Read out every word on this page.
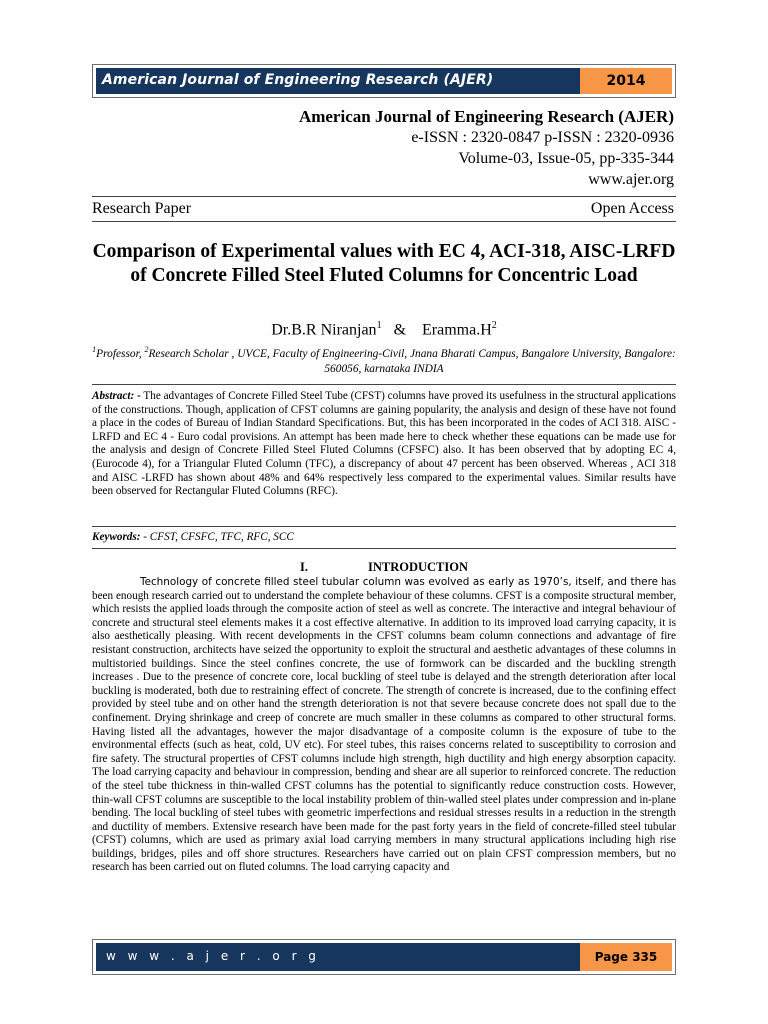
American Journal of Engineering Research (AJER)	2014
American Journal of Engineering Research (AJER)
e-ISSN : 2320-0847 p-ISSN : 2320-0936
Volume-03, Issue-05, pp-335-344
www.ajer.org
Research Paper	Open Access
Comparison of Experimental values with EC 4, ACI-318, AISC-LRFD of Concrete Filled Steel Fluted Columns for Concentric Load
Dr.B.R Niranjan$^1$ & $Eramma.H^2$
$^1$Professor, $^2$Research Scholar , UVCE, Faculty of Engineering-Civil, Jnana Bharati Campus, Bangalore University, Bangalore: 560056, karnataka INDIA
Abstract: - The advantages of Concrete Filled Steel Tube (CFST) columns have proved its usefulness in the structural applications of the constructions. Though, application of CFST columns are gaining popularity, the analysis and design of these have not found a place in the codes of Bureau of Indian Standard Specifications. But, this has been incorporated in the codes of ACI 318. AISC - LRFD and EC 4 - Euro codal provisions. An attempt has been made here to check whether these equations can be made use for the analysis and design of Concrete Filled Steel Fluted Columns (CFSFC) also. It has been observed that by adopting EC 4, (Eurocode 4), for a Triangular Fluted Column (TFC), a discrepancy of about 47 percent has been observed. Whereas , ACI 318 and AISC -LRFD has shown about 48% and 64% respectively less compared to the experimental values. Similar results have been observed for Rectangular Fluted Columns (RFC).
Keywords: - CFST, CFSFC, TFC, RFC, SCC
I.	INTRODUCTION

Technology of concrete filled steel tubular column was evolved as early as 1970’s, itself, and there has been enough research carried out to understand the complete behaviour of these columns. CFST is a composite structural member, which resists the applied loads through the composite action of steel as well as concrete. The interactive and integral behaviour of concrete and structural steel elements makes it a cost effective alternative. In addition to its improved load carrying capacity, it is also aesthetically pleasing. With recent developments in the CFST columns beam column connections and advantage of fire resistant construction, architects have seized the opportunity to exploit the structural and aesthetic advantages of these columns in multistoried buildings. Since the steel confines concrete, the use of formwork can be discarded and the buckling strength increases . Due to the presence of concrete core, local buckling of steel tube is delayed and the strength deterioration after local buckling is moderated, both due to restraining effect of concrete. The strength of concrete is increased, due to the confining effect provided by steel tube and on other hand the strength deterioration is not that severe because concrete does not spall due to the confinement. Drying shrinkage and creep of concrete are much smaller in these columns as compared to other structural forms. Having listed all the advantages, however the major disadvantage of a composite column is the exposure of tube to the environmental effects (such as heat, cold, UV etc). For steel tubes, this raises concerns related to susceptibility to corrosion and fire safety. The structural properties of CFST columns include high strength, high ductility and high energy absorption capacity. The load carrying capacity and behaviour in compression, bending and shear are all superior to reinforced concrete. The reduction of the steel tube thickness in thin-walled CFST columns has the potential to significantly reduce construction costs. However, thin-wall CFST columns are susceptible to the local instability problem of thin-walled steel plates under compression and in-plane bending. The local buckling of steel tubes with geometric imperfections and residual stresses results in a reduction in the strength and ductility of members. Extensive research have been made for the past forty years in the field of concrete-filled steel tubular (CFST) columns, which are used as primary axial load carrying members in many structural applications including high rise buildings, bridges, piles and off shore structures. Researchers have carried out on plain CFST compression members, but no research has been carried out on fluted columns. The load carrying capacity and

w w w . a j e r . o r g	Page 335
